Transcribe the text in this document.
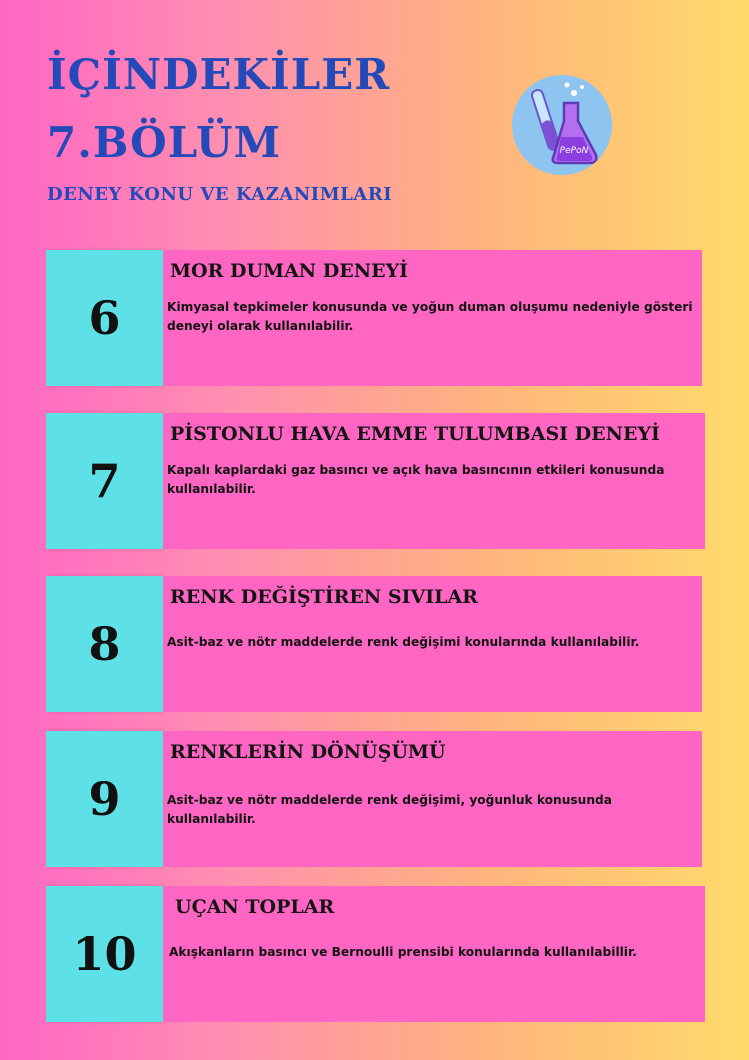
İÇİNDEKİLER
7.BÖLÜM
DENEY KONU VE KAZANIMLARI
PePoN
6
MOR DUMAN DENEYİ

Kimyasal tepkimeler konusunda ve yoğun duman oluşumu nedeniyle gösteri deneyi olarak kullanılabilir.

7
PİSTONLU HAVA EMME TULUMBASI DENEYİ

Kapalı kaplardaki gaz basıncı ve açık hava basıncının etkileri konusunda kullanılabilir.

8
RENK DEĞİŞTİREN SIVILAR

Asit-baz ve nötr maddelerde renk değişimi konularında kullanılabilir.

9
RENKLERİN DÖNÜŞÜMÜ

Asit-baz ve nötr maddelerde renk değişimi, yoğunluk konusunda kullanılabilir.

10
UÇAN TOPLAR

Akışkanların basıncı ve Bernoulli prensibi konularında kullanılabillir.
